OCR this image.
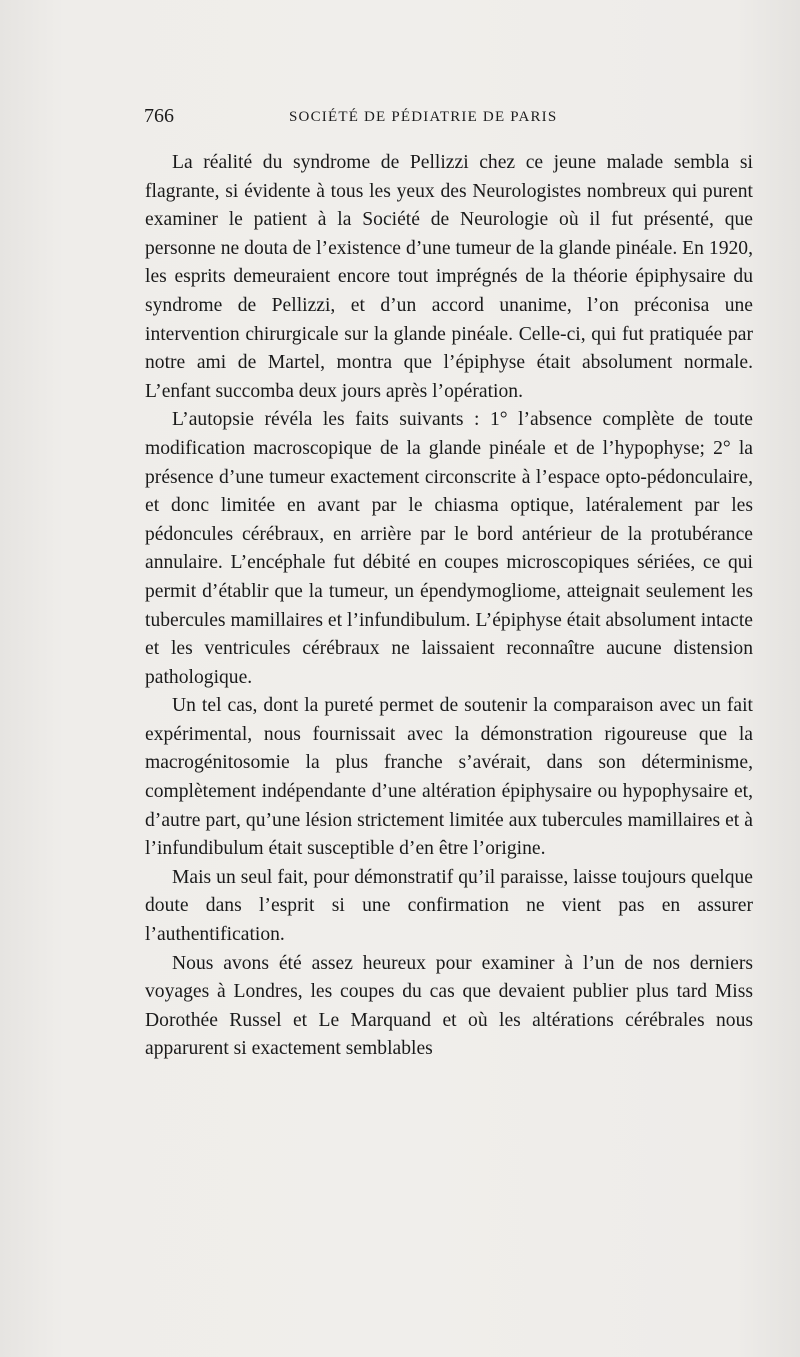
766	SOCIÉTÉ DE PÉDIATRIE DE PARIS

La réalité du syndrome de Pellizzi chez ce jeune malade sembla si flagrante, si évidente à tous les yeux des Neurologistes nombreux qui purent examiner le patient à la Société de Neurologie où il fut présenté, que personne ne douta de l’existence d’une tumeur de la glande pinéale. En 1920, les esprits demeuraient encore tout imprégnés de la théorie épiphysaire du syndrome de Pellizzi, et d’un accord unanime, l’on préconisa une intervention chirurgicale sur la glande pinéale. Celle-ci, qui fut pratiquée par notre ami de Martel, montra que l’épiphyse était absolument normale. L’enfant succomba deux jours après l’opération.

L’autopsie révéla les faits suivants : 1° l’absence complète de toute modification macroscopique de la glande pinéale et de l’hypophyse; 2° la présence d’une tumeur exactement circonscrite à l’espace opto-pédonculaire, et donc limitée en avant par le chiasma optique, latéralement par les pédoncules cérébraux, en arrière par le bord antérieur de la protubérance annulaire. L’encéphale fut débité en coupes microscopiques sériées, ce qui permit d’établir que la tumeur, un épendymogliome, atteignait seulement les tubercules mamillaires et l’infundibulum. L’épiphyse était absolument intacte et les ventricules cérébraux ne laissaient reconnaître aucune distension pathologique.

Un tel cas, dont la pureté permet de soutenir la comparaison avec un fait expérimental, nous fournissait avec la démonstration rigoureuse que la macrogénitosomie la plus franche s’avérait, dans son déterminisme, complètement indépendante d’une altération épiphysaire ou hypophysaire et, d’autre part, qu’une lésion strictement limitée aux tubercules mamillaires et à l’infundibulum était susceptible d’en être l’origine.

Mais un seul fait, pour démonstratif qu’il paraisse, laisse toujours quelque doute dans l’esprit si une confirmation ne vient pas en assurer l’authentification.

Nous avons été assez heureux pour examiner à l’un de nos derniers voyages à Londres, les coupes du cas que devaient publier plus tard Miss Dorothée Russel et Le Marquand et où les altérations cérébrales nous apparurent si exactement semblables
